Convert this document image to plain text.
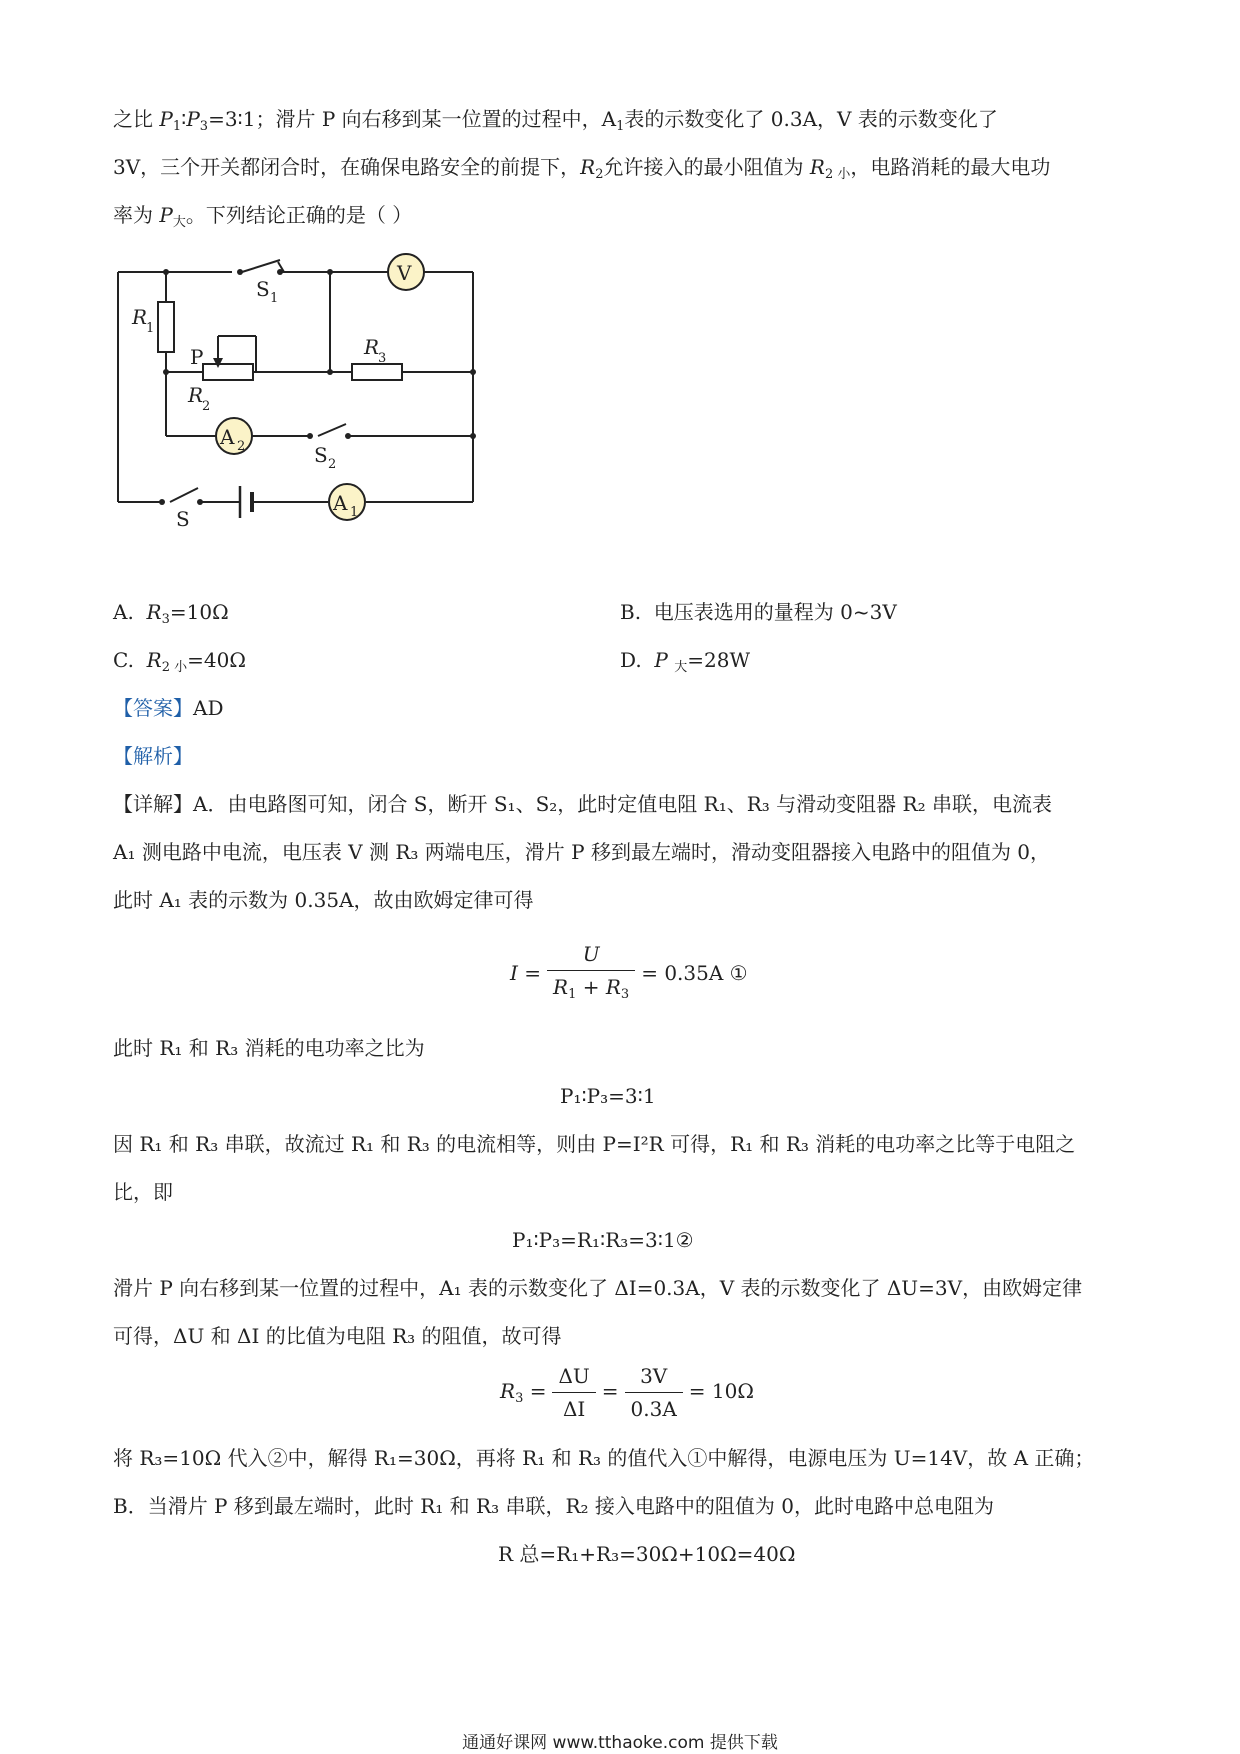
之比 $P_1∶P_3=3∶1$；滑片 P 向右移到某一位置的过程中，$A_1$表的示数变化了 0.3A，V 表的示数变化了
3V，三个开关都闭合时，在确保电路安全的前提下，$R_2$允许接入的最小阻值为 $R_{2 小}$，电路消耗的最大电功
率为 $P_大$。下列结论正确的是（ ）
V
A 2
A 1
S 1
S 2
S
R
1
P
R
2
R
3
A. $R_3=10\Omega$	B. 电压表选用的量程为 0~3V
C. $R_{2 小}=40\Omega$	D. P $_大$=28W
【答案】AD
【解析】
【详解】A．由电路图可知，闭合 S，断开 S₁、S₂，此时定值电阻 R₁、R₃ 与滑动变阻器 R₂ 串联，电流表
A₁ 测电路中电流，电压表 V 测 R₃ 两端电压，滑片 P 移到最左端时，滑动变阻器接入电路中的阻值为 0，
此时 A₁ 表的示数为 0.35A，故由欧姆定律可得
$I = \frac{U}{R_1 + R_3} = 0.35A$ ①
此时 R₁ 和 R₃ 消耗的电功率之比为
P₁∶P₃=3∶1
因 R₁ 和 R₃ 串联，故流过 R₁ 和 R₃ 的电流相等，则由 P=I²R 可得，R₁ 和 R₃ 消耗的电功率之比等于电阻之
比，即
P₁∶P₃=R₁∶R₃=3∶1②
滑片 P 向右移到某一位置的过程中，A₁ 表的示数变化了 ΔI=0.3A，V 表的示数变化了 ΔU=3V，由欧姆定律
可得，ΔU 和 ΔI 的比值为电阻 R₃ 的阻值，故可得
$R_3 = \frac{\Delta U}{\Delta I} = \frac{3V}{0.3A} = 10\Omega$
将 R₃=10Ω 代入②中，解得 R₁=30Ω，再将 R₁ 和 R₃ 的值代入①中解得，电源电压为 U=14V，故 A 正确；
B．当滑片 P 移到最左端时，此时 R₁ 和 R₃ 串联，R₂ 接入电路中的阻值为 0，此时电路中总电阻为
R 总=R₁+R₃=30Ω+10Ω=40Ω
通通好课网 www.tthaoke.com 提供下载
